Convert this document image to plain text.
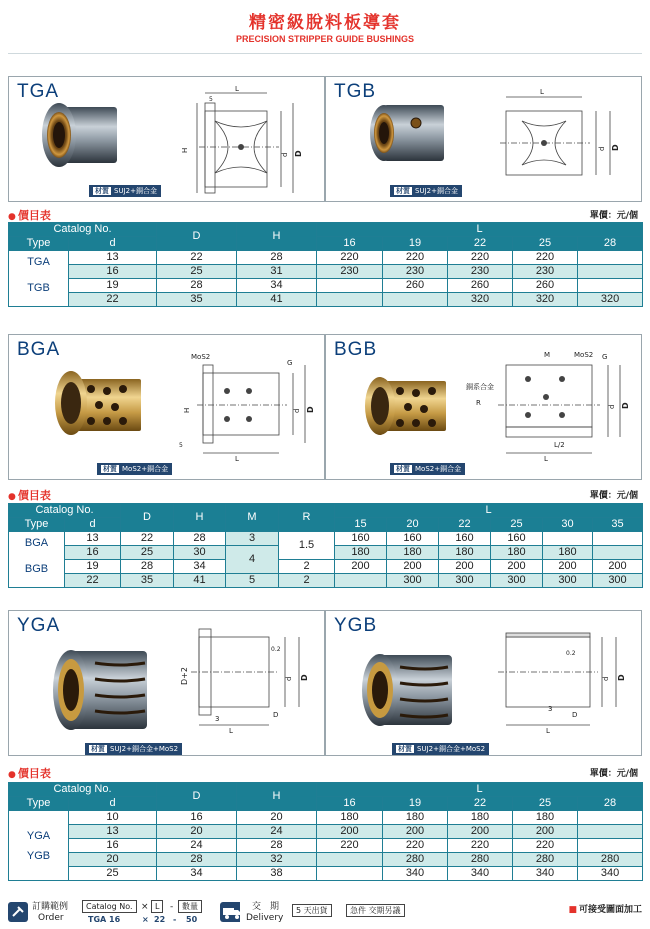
精密級脫料板導套
PRECISION STRIPPER GUIDE BUSHINGS
TGA	L
H
d D
5
材質 SUJ2+銅合金
TGB	L
d D
材質 SUJ2+銅合金
● 價目表	單價：元/個
Catalog No.		D	H	L				
Type	d			16	19	22	25	28

TGA
TGB	13	22	28	220	220	220	220	
	16	25	31	230	230	230	230	
	19	28	34		260	260	260	
	22	35	41			320	320	320
BGA	MoS2
G
L
H	d D
5
材質 MoS2+銅合金
BGB	M	MoS2 G
銅系合金
R
L/2
L
d D
材質 MoS2+銅合金
● 價目表	單價：元/個
Catalog No.		D	H	M	R	L					
Type	d					15	20	22	25	30	35

BGA
BGB	13	22	28	3	1.5	160	160	160	160		
	16	25	30	4		180	180	180	180	180	
	19	28	34		2	200	200	200	200	200	200
	22	35	41	5	2		300	300	300	300	300
YGA
D+2
L
d D
0.2
3	D
材質 SUJ2+銅合金+MoS2
YGB
L
d D
0.2
3
D
材質 SUJ2+銅合金+MoS2
● 價目表	單價：元/個
Catalog No.		D	H	L				
Type	d			16	19	22	25	28

YGA
YGB	10	16	20	180	180	180	180	
	13	20	24	200	200	200	200	
	16	24	28	220	220	220	220	
	20	28	32		280	280	280	280
	25	34	38		340	340	340	340
訂購範例
Order
Catalog No. × L	-	數量
TGA 16	× 22 - 50
交　期
Delivery
5 天出貨	急件 交期另議	■ 可接受圖面加工
